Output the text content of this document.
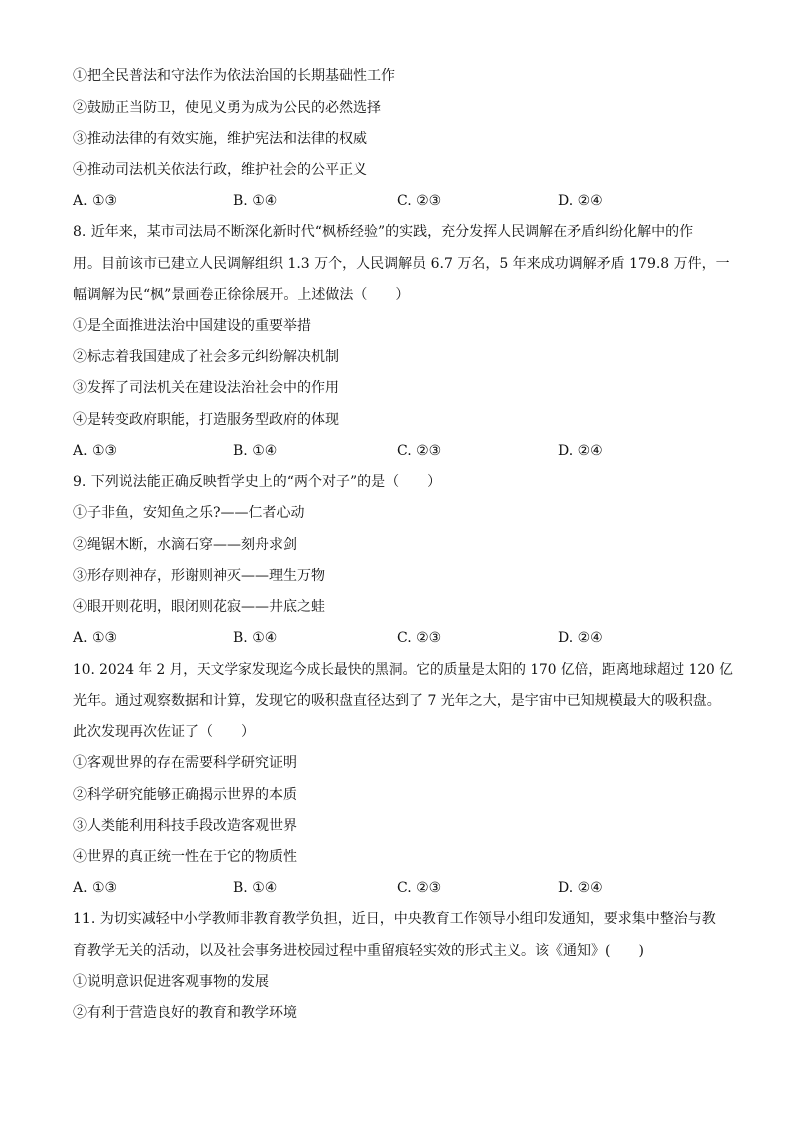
①把全民普法和守法作为依法治国的长期基础性工作
②鼓励正当防卫，使见义勇为成为公民的必然选择
③推动法律的有效实施，维护宪法和法律的权威
④推动司法机关依法行政，维护社会的公平正义
A. ①③	B. ①④	C. ②③	D. ②④
8. 近年来，某市司法局不断深化新时代“枫桥经验”的实践，充分发挥人民调解在矛盾纠纷化解中的作
用。目前该市已建立人民调解组织 1.3 万个，人民调解员 6.7 万名，5 年来成功调解矛盾 179.8 万件，一
幅调解为民“枫”景画卷正徐徐展开。上述做法（　　）
①是全面推进法治中国建设的重要举措
②标志着我国建成了社会多元纠纷解决机制
③发挥了司法机关在建设法治社会中的作用
④是转变政府职能，打造服务型政府的体现
A. ①③	B. ①④	C. ②③	D. ②④
9. 下列说法能正确反映哲学史上的“两个对子”的是（　　）
①子非鱼，安知鱼之乐?——仁者心动
②绳锯木断，水滴石穿——刻舟求剑
③形存则神存，形谢则神灭——理生万物
④眼开则花明，眼闭则花寂——井底之蛙
A. ①③	B. ①④	C. ②③	D. ②④
10. 2024 年 2 月，天文学家发现迄今成长最快的黑洞。它的质量是太阳的 170 亿倍，距离地球超过 120 亿
光年。通过观察数据和计算，发现它的吸积盘直径达到了 7 光年之大，是宇宙中已知规模最大的吸积盘。
此次发现再次佐证了（　　）
①客观世界的存在需要科学研究证明
②科学研究能够正确揭示世界的本质
③人类能利用科技手段改造客观世界
④世界的真正统一性在于它的物质性
A. ①③	B. ①④	C. ②③	D. ②④
11. 为切实减轻中小学教师非教育教学负担，近日，中央教育工作领导小组印发通知，要求集中整治与教
育教学无关的活动，以及社会事务进校园过程中重留痕轻实效的形式主义。该《通知》(　　)
①说明意识促进客观事物的发展
②有利于营造良好的教育和教学环境
